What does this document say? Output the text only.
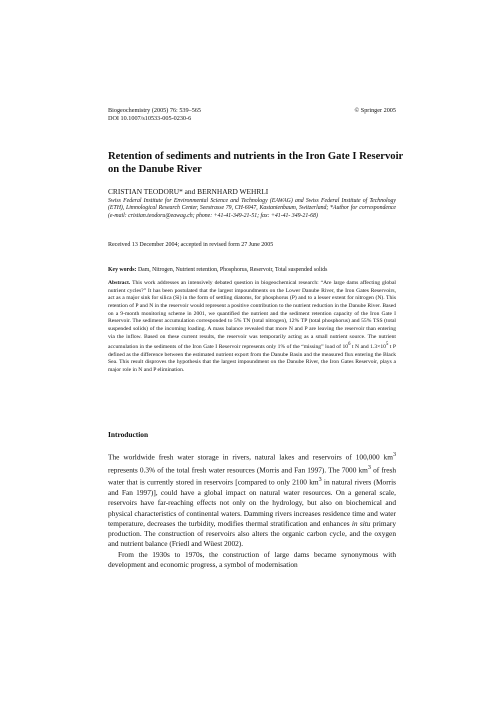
Biogeochemistry (2005) 76: 539–565
DOI 10.1007/s10533-005-0230-6
© Springer 2005
Retention of sediments and nutrients in the Iron Gate I Reservoir on the Danube River
CRISTIAN TEODORU* and BERNHARD WEHRLI
Swiss Federal Institute for Environmental Science and Technology (EAWAG) and Swiss Federal Institute of Technology (ETH), Limnological Research Center, Seestrasse 79, CH-6047, Kastanienbaum, Switzerland; *Author for correspondence (e-mail: cristian.teodoru@eawag.ch; phone: +41-41-349-21-51; fax: +41-41- 349-21-68)
Received 13 December 2004; accepted in revised form 27 June 2005
Key words: Dam, Nitrogen, Nutrient retention, Phosphorus, Reservoir, Total suspended solids
Abstract. This work addresses an intensively debated question in biogeochemical research: “Are large dams affecting global nutrient cycles?” It has been postulated that the largest impoundments on the Lower Danube River, the Iron Gates Reservoirs, act as a major sink for silica (Si) in the form of settling diatoms, for phosphorus (P) and to a lesser extent for nitrogen (N). This retention of P and N in the reservoir would represent a positive contribution to the nutrient reduction in the Danube River. Based on a 9-month monitoring scheme in 2001, we quantified the nutrient and the sediment retention capacity of the Iron Gate I Reservoir. The sediment accumulation corresponded to 5% TN (total nitrogen), 12% TP (total phosphorus) and 55% TSS (total suspended solids) of the incoming loading. A mass balance revealed that more N and P are leaving the reservoir than entering via the inflow. Based on these current results, the reservoir was temporarily acting as a small nutrient source. The nutrient accumulation in the sediments of the Iron Gate I Reservoir represents only 1% of the “missing” load of $10^6$ t N and $1.3\times 10^5$ t P defined as the difference between the estimated nutrient export from the Danube Basin and the measured flux entering the Black Sea. This result disproves the hypothesis that the largest impoundment on the Danube River, the Iron Gates Reservoir, plays a major role in N and P elimination.
Introduction

The worldwide fresh water storage in rivers, natural lakes and reservoirs of 100,000 $km^3$ represents 0.3% of the total fresh water resources (Morris and Fan 1997). The 7000 $km^3$ of fresh water that is currently stored in reservoirs [compared to only 2100 $km^3$ in natural rivers (Morris and Fan 1997)], could have a global impact on natural water resources. On a general scale, reservoirs have far-reaching effects not only on the hydrology, but also on biochemical and physical characteristics of continental waters. Damming rivers increases residence time and water temperature, decreases the turbidity, modifies thermal stratification and enhances in situ primary production. The construction of reservoirs also alters the organic carbon cycle, and the oxygen and nutrient balance (Friedl and Wüest 2002).

From the 1930s to 1970s, the construction of large dams became synonymous with development and economic progress, a symbol of modernisation
